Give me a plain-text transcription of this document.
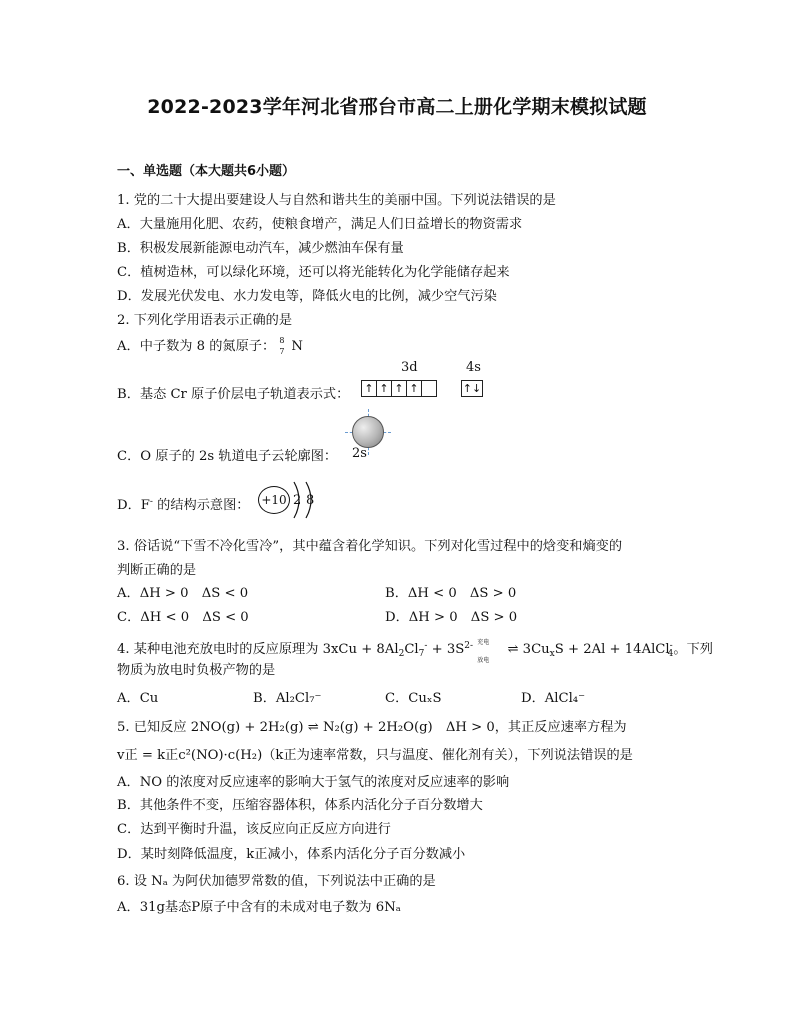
2022-2023学年河北省邢台市高二上册化学期末模拟试题
一、单选题（本大题共6小题）
1. 党的二十大提出要建设人与自然和谐共生的美丽中国。下列说法错误的是
A．大量施用化肥、农药，使粮食增产，满足人们日益增长的物资需求
B．积极发展新能源电动汽车，减少燃油车保有量
C．植树造林，可以绿化环境，还可以将光能转化为化学能储存起来
D．发展光伏发电、水力发电等，降低火电的比例，减少空气污染
2. 下列化学用语表示正确的是
A．中子数为 8 的氮原子： 8
7 N
3d	4s
B．基态 Cr 原子价层电子轨道表示式：	↑ ↑ ↑ ↑	↑↓
2s
C．O 原子的 2s 轨道电子云轮廓图：
D．F- 的结构示意图： +10 2 8
3. 俗话说“下雪不冷化雪冷”，其中蕴含着化学知识。下列对化雪过程中的焓变和熵变的
判断正确的是
A．ΔH > 0　ΔS < 0	B．ΔH < 0　ΔS > 0
C．ΔH < 0　ΔS < 0	D．ΔH > 0　ΔS > 0
4. 某种电池充放电时的反应原理为 $3xCu + 8Al_2Cl_7^- + 3S^{2-}$ 充电
放电
⇌ $3Cu_xS + 2Al$ + 14AlCl-$_4$。下列
物质为放电时负极产物的是
A．Cu	B．Al₂Cl₇⁻	C．CuₓS	D．AlCl₄⁻
5. 已知反应 2NO(g) + 2H₂(g) ⇌ N₂(g) + 2H₂O(g)　ΔH > 0，其正反应速率方程为
v正 = k正c²(NO)·c(H₂)（k正为速率常数，只与温度、催化剂有关），下列说法错误的是
A．NO 的浓度对反应速率的影响大于氢气的浓度对反应速率的影响
B．其他条件不变，压缩容器体积，体系内活化分子百分数增大
C．达到平衡时升温，该反应向正反应方向进行
D．某时刻降低温度，k正减小，体系内活化分子百分数减小
6. 设 Nₐ 为阿伏加德罗常数的值，下列说法中正确的是
A．31g基态P原子中含有的未成对电子数为 6Nₐ
